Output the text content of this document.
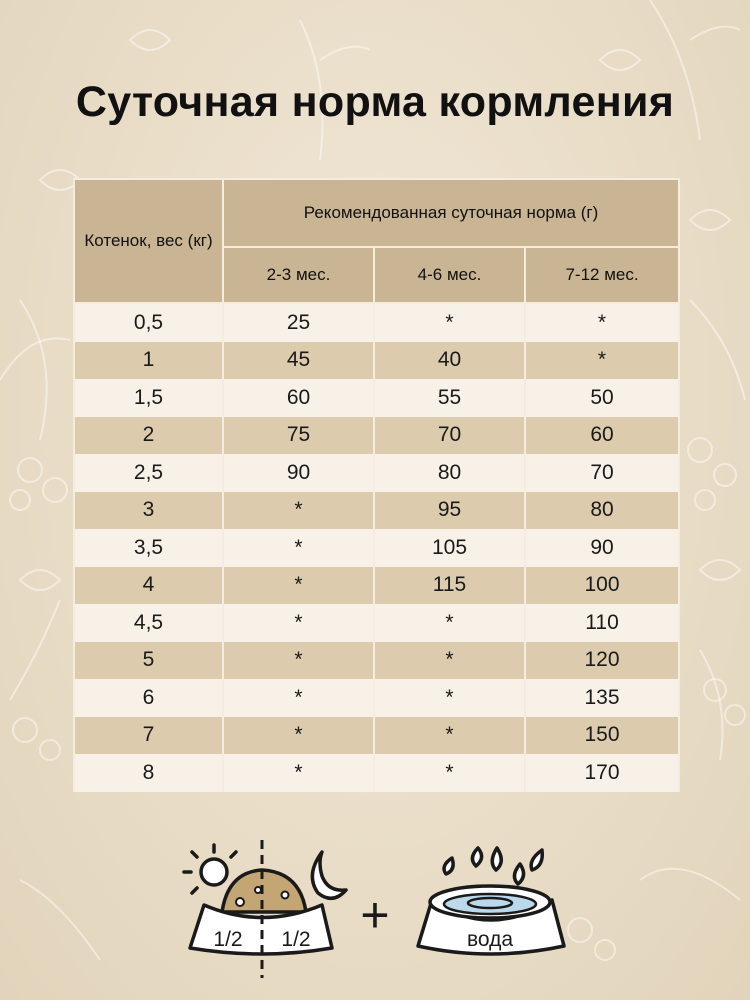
Суточная норма кормления
Котенок, вес (кг)	Рекомендованная суточная норма (г)		
	2-3 мес.	4-6 мес.	7-12 мес.
0,5	25	*	*
1	45	40	*
1,5	60	55	50
2	75	70	60
2,5	90	80	70
3	*	95	80
3,5	*	105	90
4	*	115	100
4,5	*	*	110
5	*	*	120
6	*	*	135
7	*	*	150
8	*	*	170
1/2 1/2 +	вода
